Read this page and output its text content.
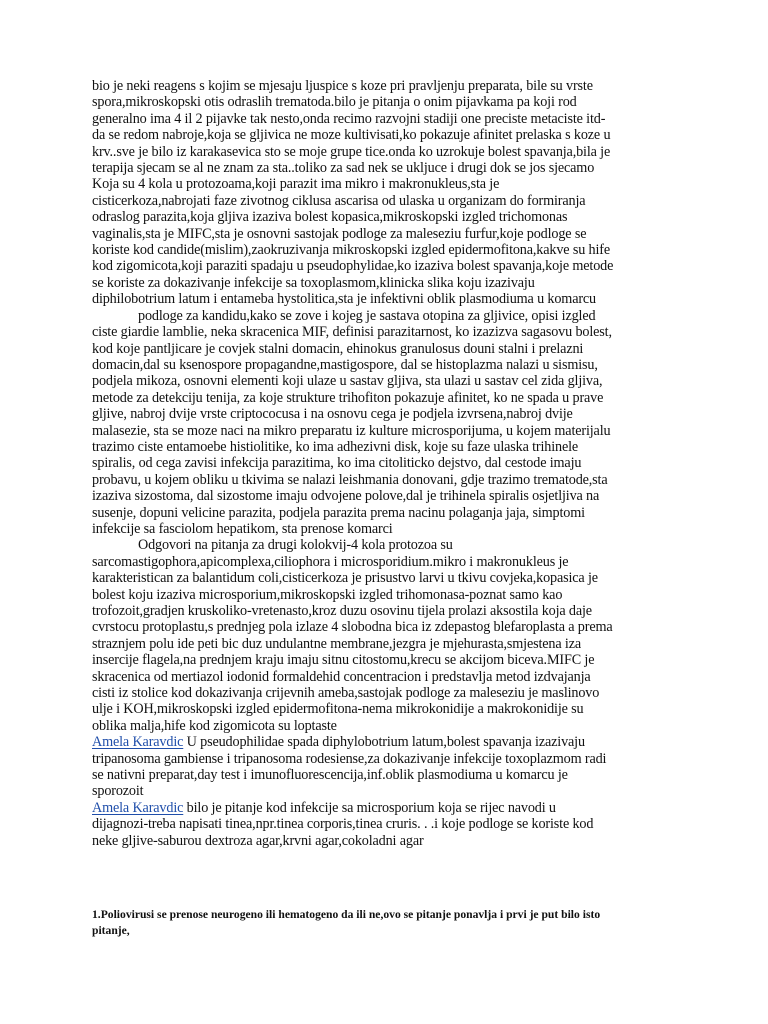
bio je neki reagens s kojim se mjesaju ljuspice s koze pri pravljenju preparata, bile su vrste
spora,mikroskopski otis odraslih trematoda.bilo je pitanja o onim pijavkama pa koji rod
generalno ima 4 il 2 pijavke tak nesto,onda recimo razvojni stadiji one preciste metaciste itd-
da se redom nabroje,koja se gljivica ne moze kultivisati,ko pokazuje afinitet prelaska s koze u
krv..sve je bilo iz karakasevica sto se moje grupe tice.onda ko uzrokuje bolest spavanja,bila je
terapija sjecam se al ne znam za sta..toliko za sad nek se ukljuce i drugi dok se jos sjecamo
Koja su 4 kola u protozoama,koji parazit ima mikro i makronukleus,sta je
cisticerkoza,nabrojati faze zivotnog ciklusa ascarisa od ulaska u organizam do formiranja
odraslog parazita,koja gljiva izaziva bolest kopasica,mikroskopski izgled trichomonas
vaginalis,sta je MIFC,sta je osnovni sastojak podloge za maleseziu furfur,koje podloge se
koriste kod candide(mislim),zaokruzivanja mikroskopski izgled epidermofitona,kakve su hife
kod zigomicota,koji paraziti spadaju u pseudophylidae,ko izaziva bolest spavanja,koje metode
se koriste za dokazivanje infekcije sa toxoplasmom,klinicka slika koju izazivaju
diphilobotrium latum i entameba hystolitica,sta je infektivni oblik plasmodiuma u komarcu

podloge za kandidu,kako se zove i kojeg je sastava otopina za gljivice, opisi izgled
ciste giardie lamblie, neka skracenica MIF, definisi parazitarnost, ko izazizva sagasovu bolest,
kod koje pantljicare je covjek stalni domacin, ehinokus granulosus douni stalni i prelazni
domacin,dal su ksenospore propagandne,mastigospore, dal se histoplazma nalazi u sismisu,
podjela mikoza, osnovni elementi koji ulaze u sastav gljiva, sta ulazi u sastav cel zida gljiva,
metode za detekciju tenija, za koje strukture trihofiton pokazuje afinitet, ko ne spada u prave
gljive, nabroj dvije vrste criptococusa i na osnovu cega je podjela izvrsena,nabroj dvije
malasezie, sta se moze naci na mikro preparatu iz kulture microsporijuma, u kojem materijalu
trazimo ciste entamoebe histiolitike, ko ima adhezivni disk, koje su faze ulaska trihinele
spiralis, od cega zavisi infekcija parazitima, ko ima citoliticko dejstvo, dal cestode imaju
probavu, u kojem obliku u tkivima se nalazi leishmania donovani, gdje trazimo trematode,sta
izaziva sizostoma, dal sizostome imaju odvojene polove,dal je trihinela spiralis osjetljiva na
susenje, dopuni velicine parazita, podjela parazita prema nacinu polaganja jaja, simptomi
infekcije sa fasciolom hepatikom, sta prenose komarci

Odgovori na pitanja za drugi kolokvij-4 kola protozoa su
sarcomastigophora,apicomplexa,ciliophora i microsporidium.mikro i makronukleus je
karakteristican za balantidum coli,cisticerkoza je prisustvo larvi u tkivu covjeka,kopasica je
bolest koju izaziva microsporium,mikroskopski izgled trihomonasa-poznat samo kao
trofozoit,gradjen kruskoliko-vretenasto,kroz duzu osovinu tijela prolazi aksostila koja daje
cvrstocu protoplastu,s prednjeg pola izlaze 4 slobodna bica iz zdepastog blefaroplasta a prema
straznjem polu ide peti bic duz undulantne membrane,jezgra je mjehurasta,smjestena iza
insercije flagela,na prednjem kraju imaju sitnu citostomu,krecu se akcijom biceva.MIFC je
skracenica od mertiazol iodonid formaldehid concentracion i predstavlja metod izdvajanja
cisti iz stolice kod dokazivanja crijevnih ameba,sastojak podloge za maleseziu je maslinovo
ulje i KOH,mikroskopski izgled epidermofitona-nema mikrokonidije a makrokonidije su
oblika malja,hife kod zigomicota su loptaste

Amela Karavdic U pseudophilidae spada diphylobotrium latum,bolest spavanja izazivaju
tripanosoma gambiense i tripanosoma rodesiense,za dokazivanje infekcije toxoplazmom radi
se nativni preparat,day test i imunofluorescencija,inf.oblik plasmodiuma u komarcu je
sporozoit

Amela Karavdic bilo je pitanje kod infekcije sa microsporium koja se rijec navodi u
dijagnozi-treba napisati tinea,npr.tinea corporis,tinea cruris. . .i koje podloge se koriste kod
neke gljive-saburou dextroza agar,krvni agar,cokoladni agar

1.Poliovirusi se prenose neurogeno ili hematogeno da ili ne,ovo se pitanje ponavlja i prvi je put bilo isto
pitanje,
